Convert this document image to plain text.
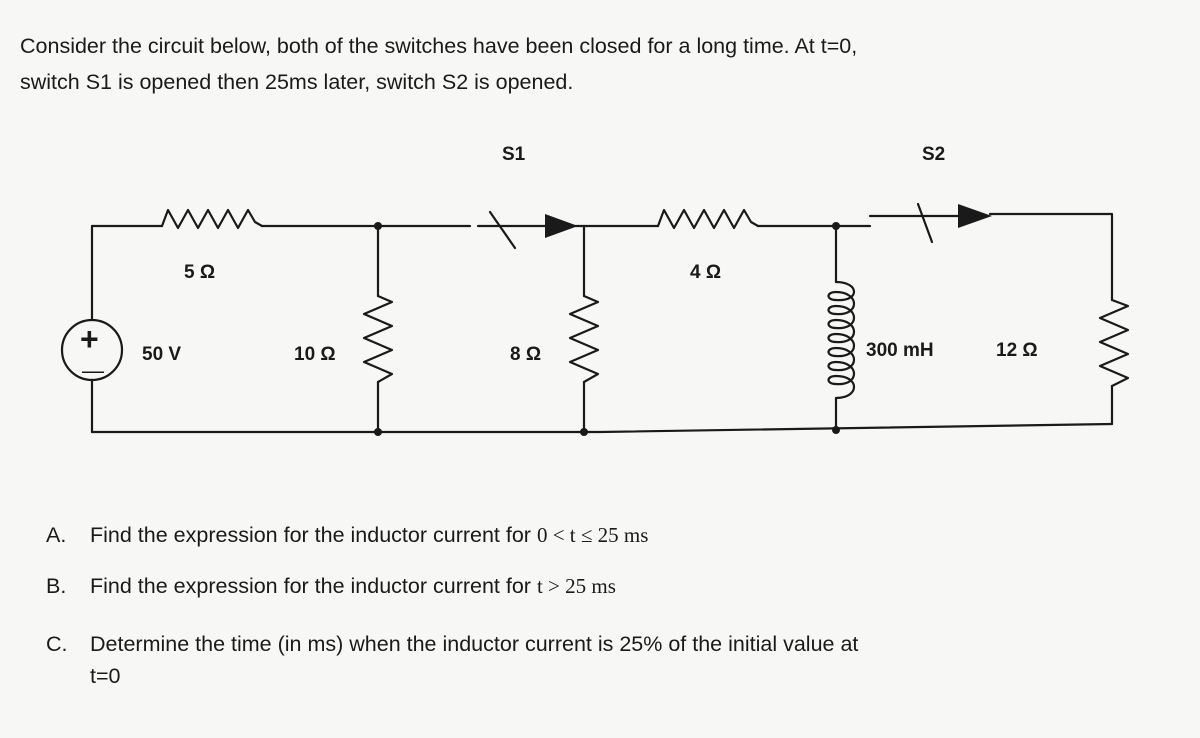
Consider the circuit below, both of the switches have been closed for a long time. At t=0,
switch S1 is opened then 25ms later, switch S2 is opened.
+
—
S1	S2
5 Ω	4 Ω
50 V	10 Ω	8 Ω	300 mH	12 Ω
A. Find the expression for the inductor current for 0 < t ≤ 25 ms
B. Find the expression for the inductor current for t > 25 ms
C. Determine the time (in ms) when the inductor current is 25% of the initial value at
t=0
